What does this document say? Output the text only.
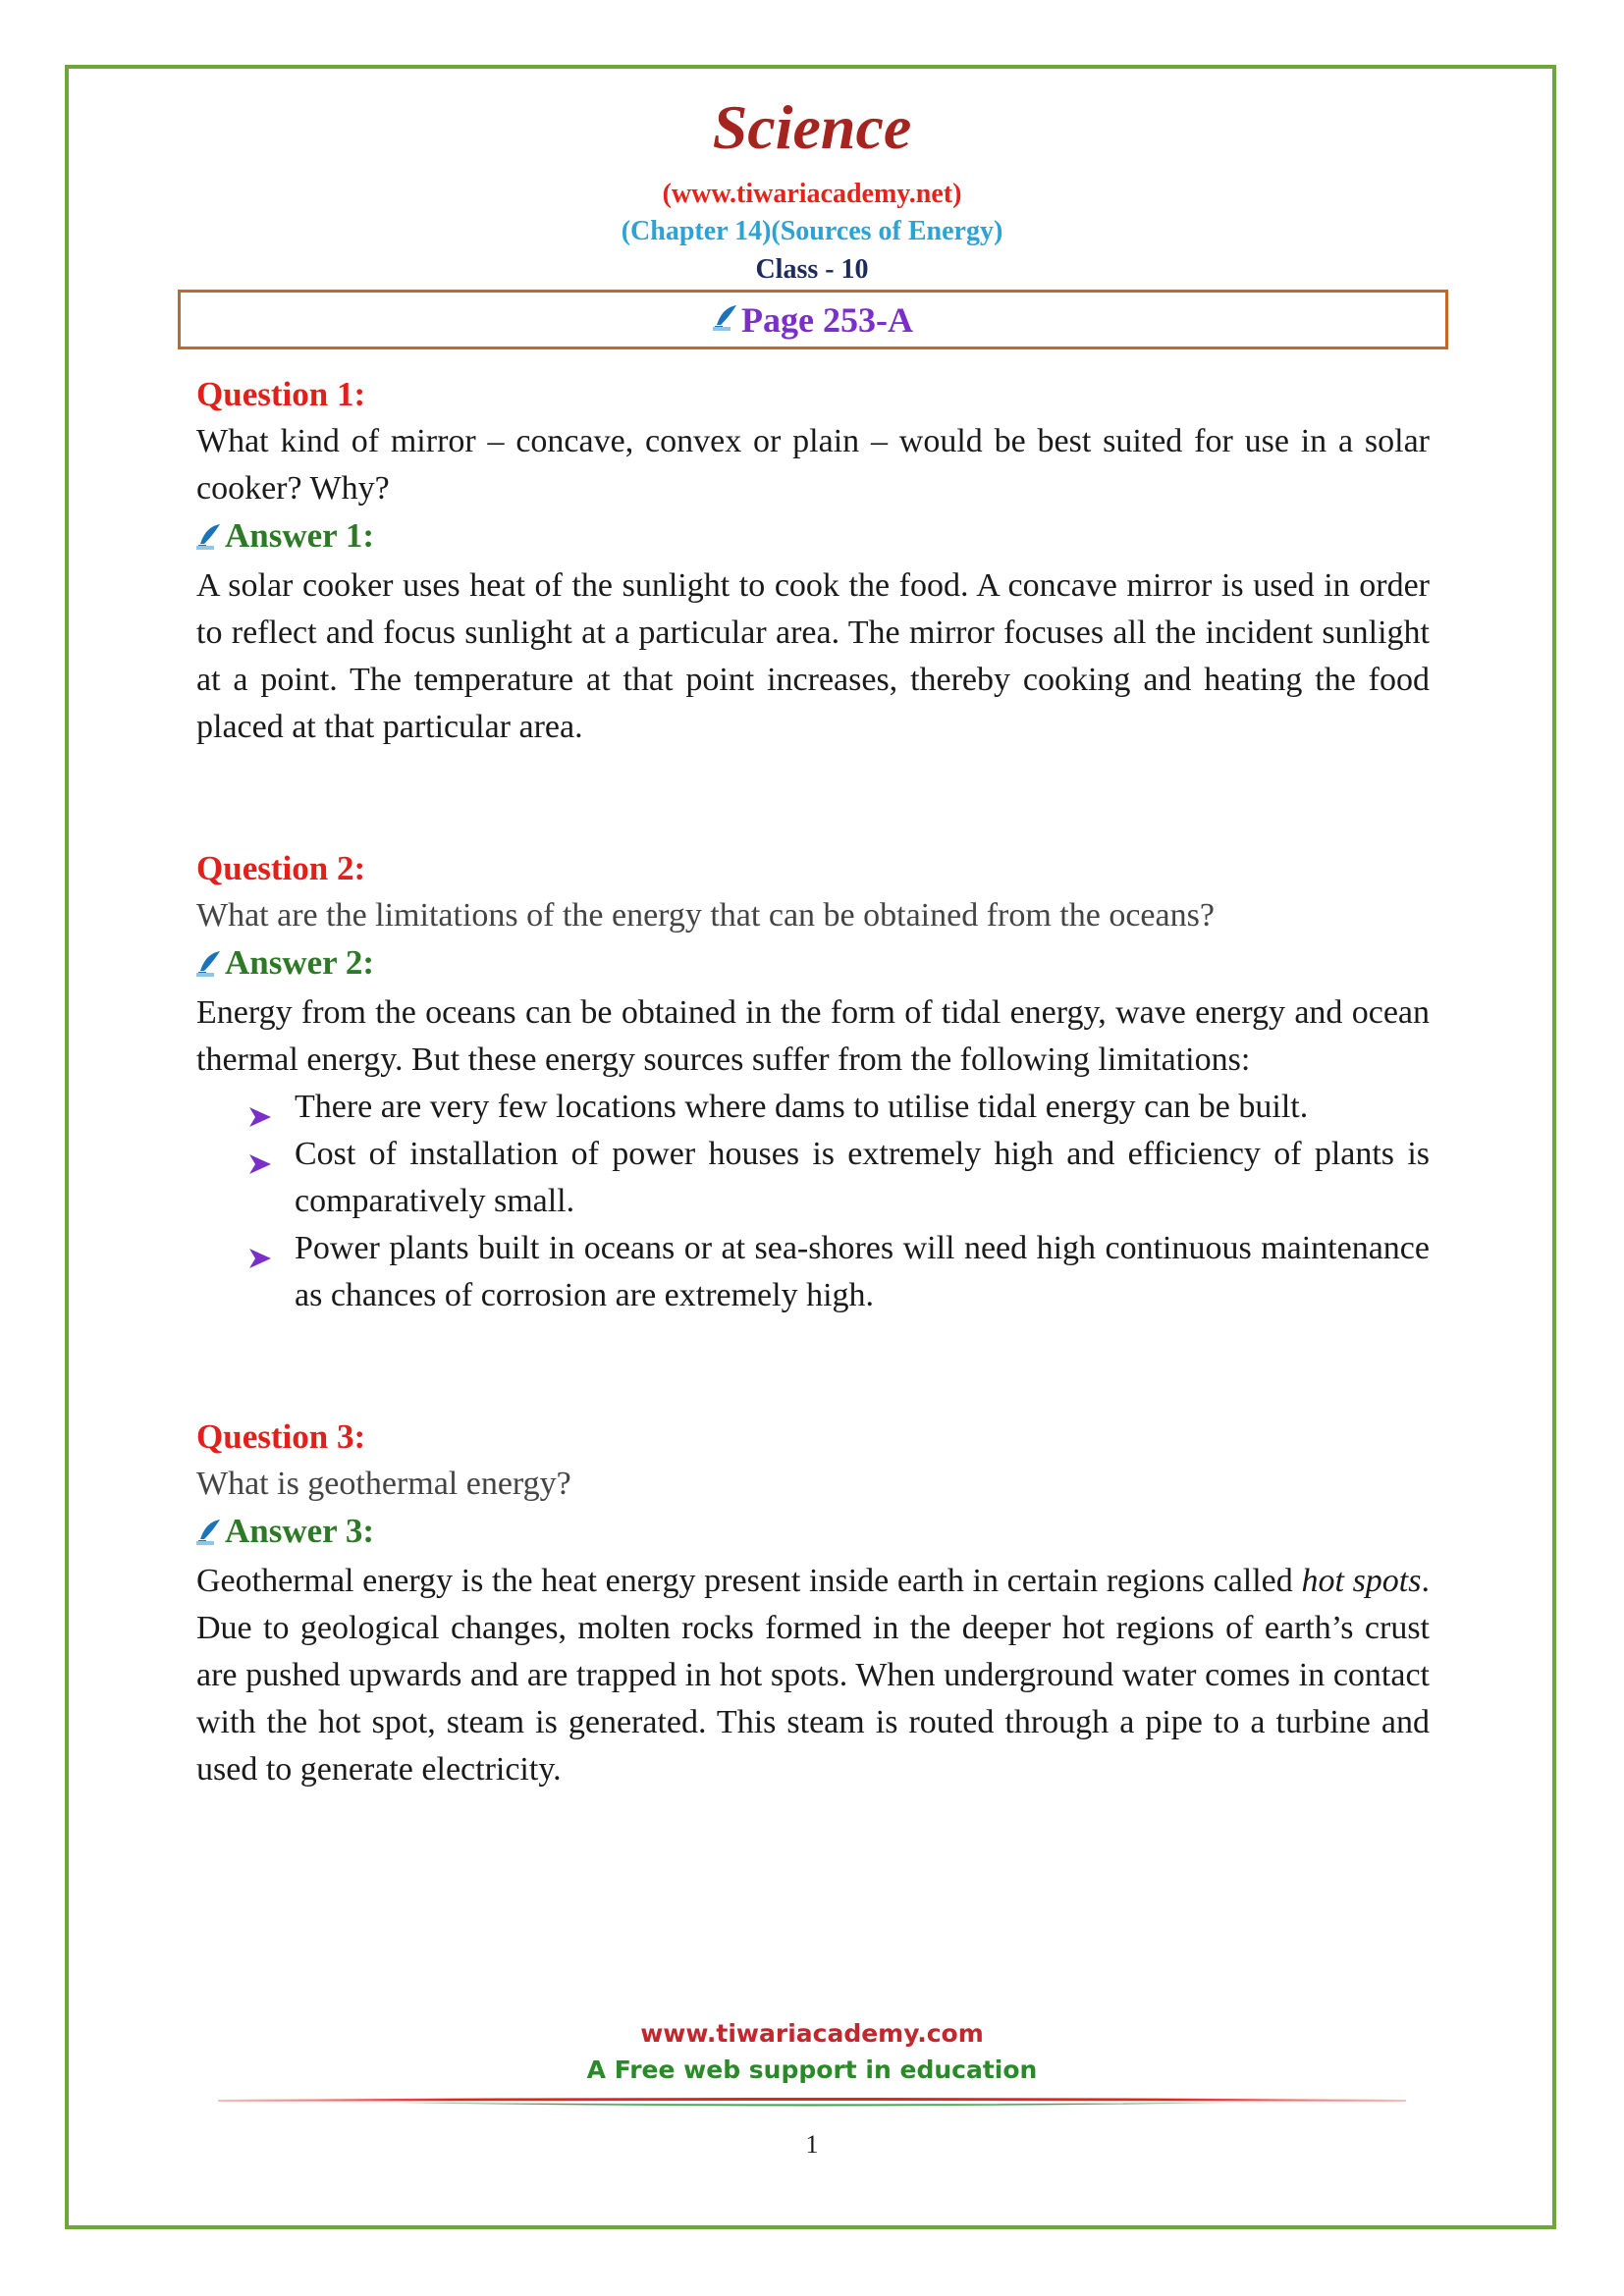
Science
(www.tiwariacademy.net)
(Chapter 14)(Sources of Energy)
Class - 10
Page 253-A
Question 1:
What kind of mirror – concave, convex or plain – would be best suited for use in a solar cooker? Why?
Answer 1:
A solar cooker uses heat of the sunlight to cook the food. A concave mirror is used in order to reflect and focus sunlight at a particular area. The mirror focuses all the incident sunlight at a point. The temperature at that point increases, thereby cooking and heating the food placed at that particular area.
Question 2:
What are the limitations of the energy that can be obtained from the oceans?
Answer 2:
Energy from the oceans can be obtained in the form of tidal energy, wave energy and ocean thermal energy. But these energy sources suffer from the following limitations:
There are very few locations where dams to utilise tidal energy can be built.
Cost of installation of power houses is extremely high and efficiency of plants is comparatively small.
Power plants built in oceans or at sea-shores will need high continuous maintenance as chances of corrosion are extremely high.
Question 3:
What is geothermal energy?
Answer 3:
Geothermal energy is the heat energy present inside earth in certain regions called hot spots. Due to geological changes, molten rocks formed in the deeper hot regions of earth’s crust are pushed upwards and are trapped in hot spots. When underground water comes in contact with the hot spot, steam is generated. This steam is routed through a pipe to a turbine and used to generate electricity.
www.tiwariacademy.com
A Free web support in education
1
